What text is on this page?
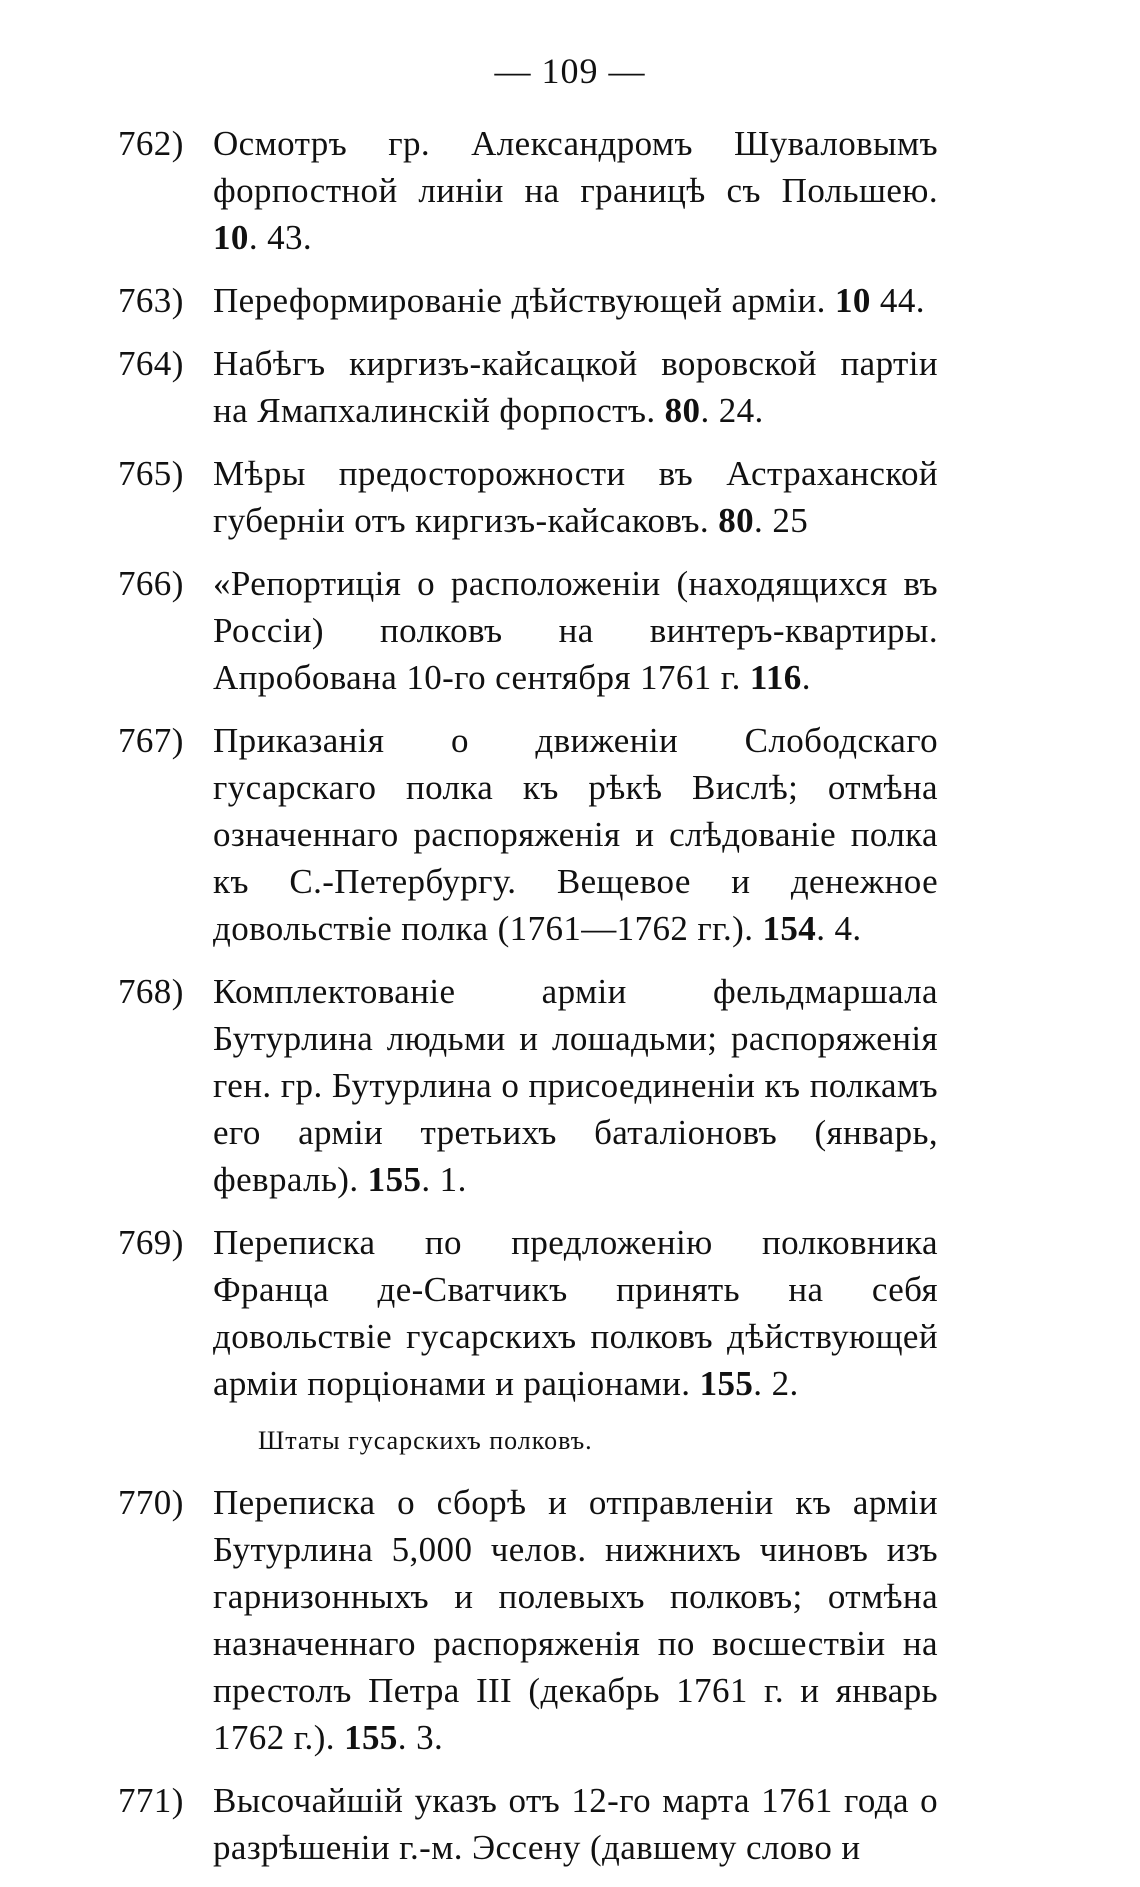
— 109 —
762) Осмотръ гр. Александромъ Шуваловымъ форпостной линіи на границѣ съ Польшею. 10. 43.
763) Переформированіе дѣйствующей арміи. 10 44.
764) Набѣгъ киргизъ-кайсацкой воровской партіи на Ямапхалинскій форпостъ. 80. 24.
765) Мѣры предосторожности въ Астраханской губерніи отъ киргизъ-кайсаковъ. 80. 25
766) «Репортиція о расположеніи (находящихся въ Россіи) полковъ на винтеръ-квартиры. Апробована 10-го сентября 1761 г. 116.
767) Приказанія о движеніи Слободскаго гусарскаго полка къ рѣкѣ Вислѣ; отмѣна означеннаго распоряженія и слѣдованіе полка къ С.-Петербургу. Вещевое и денежное довольствіе полка (1761—1762 гг.). 154. 4.
768) Комплектованіе арміи фельдмаршала Бутурлина людьми и лошадьми; распоряженія ген. гр. Бутурлина о присоединеніи къ полкамъ его арміи третьихъ баталіоновъ (январь, февраль). 155. 1.
769) Переписка по предложенію полковника Франца де-Сватчикъ принять на себя довольствіе гусарскихъ полковъ дѣйствующей арміи порціонами и раціонами. 155. 2.
Штаты гусарскихъ полковъ.
770) Переписка о сборѣ и отправленіи къ арміи Бутурлина 5,000 челов. нижнихъ чиновъ изъ гарнизонныхъ и полевыхъ полковъ; отмѣна назначеннаго распоряженія по восшествіи на престолъ Петра III (декабрь 1761 г. и январь 1762 г.). 155. 3.
771) Высочайшій указъ отъ 12-го марта 1761 года о разрѣшеніи г.-м. Эссену (давшему слово и
